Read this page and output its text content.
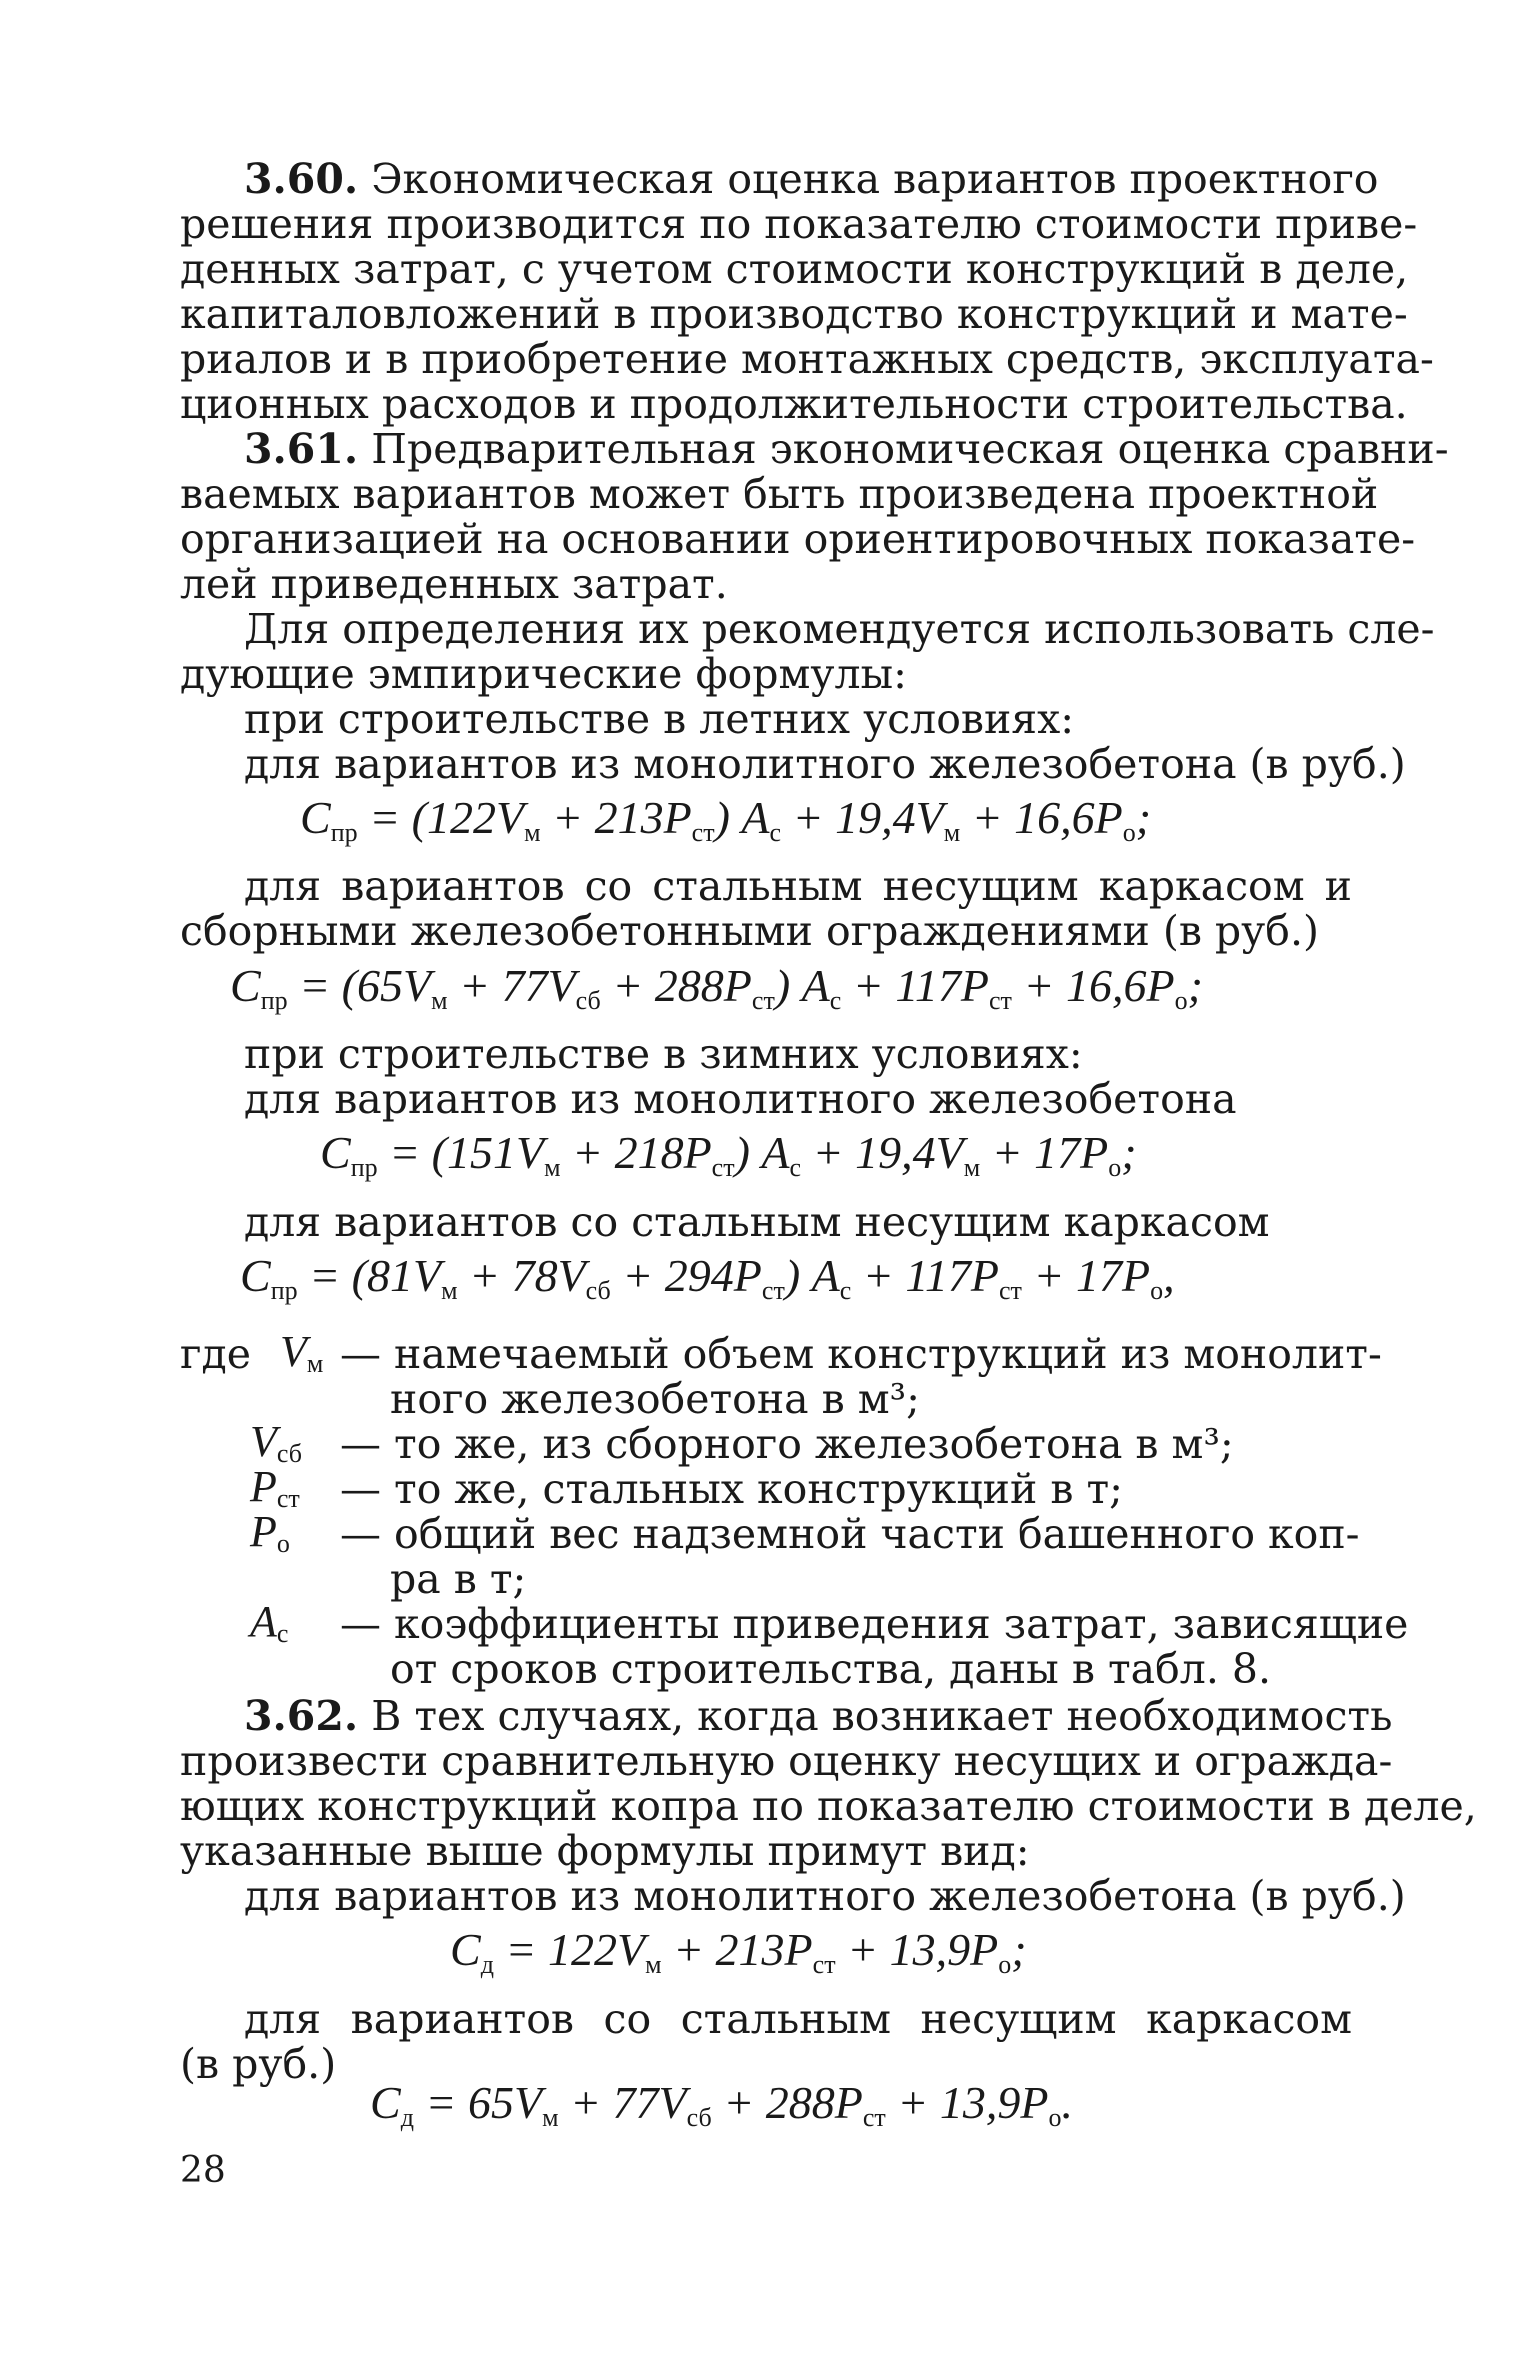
3.60. Экономическая оценка вариантов проектного
решения производится по показателю стоимости приве-
денных затрат, с учетом стоимости конструкций в деле,
капиталовложений в производство конструкций и мате-
риалов и в приобретение монтажных средств, эксплуата-
ционных расходов и продолжительности строительства.
3.61. Предварительная экономическая оценка сравни-
ваемых вариантов может быть произведена проектной
организацией на основании ориентировочных показате-
лей приведенных затрат.
Для определения их рекомендуется использовать сле-
дующие эмпирические формулы:
при строительстве в летних условиях:
для вариантов из монолитного железобетона (в руб.)
$C_{пр} = (122V_м + 213P_{ст}) A_с + 19,4V_м + 16,6P_o$;
для вариантов со стальным несущим каркасом и
сборными железобетонными ограждениями (в руб.)
$C_{пр} = (65V_м + 77V_{сб} + 288P_{ст}) A_с + 117P_{ст} + 16,6P_o$;
при строительстве в зимних условиях:
для вариантов из монолитного железобетона
$C_{пр} = (151V_м + 218P_{ст}) A_с + 19,4V_м + 17P_o$;
для вариантов со стальным несущим каркасом
$C_{пр} = (81V_м + 78V_{сб} + 294P_{ст}) A_с + 117P_{ст} + 17P_o$,
где $V_м$ — намечаемый объем конструкций из монолит-
ного железобетона в м³;
$V_{сб}$ — то же, из сборного железобетона в м³;
$P_{ст}$ — то же, стальных конструкций в т;
$P_о$ — общий вес надземной части башенного коп-
ра в т;
$A_с$ — коэффициенты приведения затрат, зависящие
от сроков строительства, даны в табл. 8.
3.62. В тех случаях, когда возникает необходимость
произвести сравнительную оценку несущих и огражда-
ющих конструкций копра по показателю стоимости в деле,
указанные выше формулы примут вид:
для вариантов из монолитного железобетона (в руб.)
$C_д = 122V_м + 213P_{ст} + 13,9P_o$;
для вариантов со стальным несущим каркасом
(в руб.)
$C_д = 65V_м + 77V_{сб} + 288P_{ст} + 13,9P_o$.
28
